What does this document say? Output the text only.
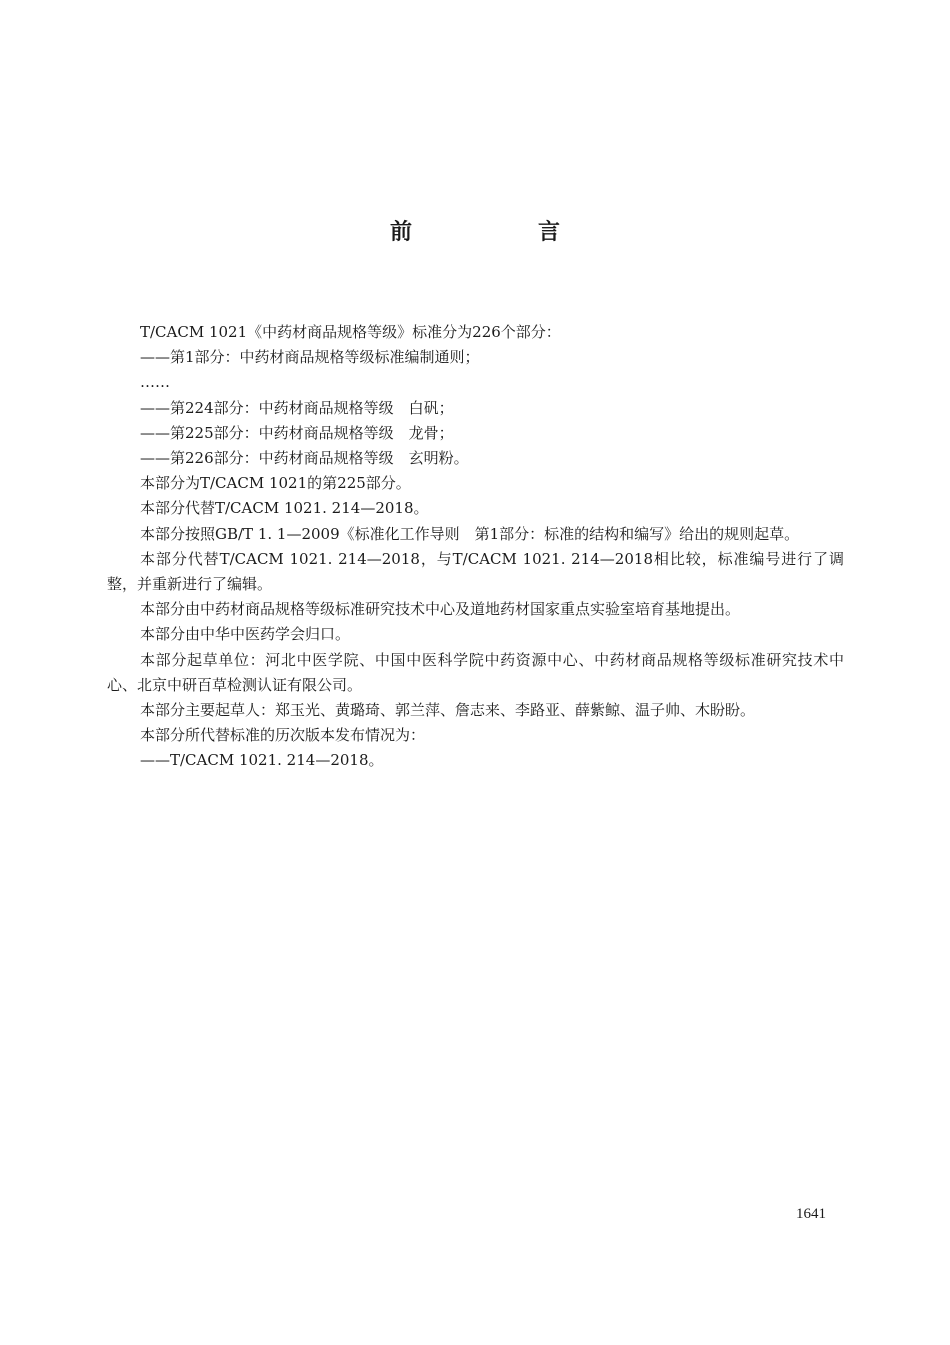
前　言

T/CACM 1021《中药材商品规格等级》标准分为226个部分：

——第1部分：中药材商品规格等级标准编制通则；

……

——第224部分：中药材商品规格等级　白矾；

——第225部分：中药材商品规格等级　龙骨；

——第226部分：中药材商品规格等级　玄明粉。

本部分为T/CACM 1021的第225部分。

本部分代替T/CACM 1021. 214—2018。

本部分按照GB/T 1. 1—2009《标准化工作导则　第1部分：标准的结构和编写》给出的规则起草。

本部分代替T/CACM 1021. 214—2018，与T/CACM 1021. 214—2018相比较，标准编号进行了调整，并重新进行了编辑。

本部分由中药材商品规格等级标准研究技术中心及道地药材国家重点实验室培育基地提出。

本部分由中华中医药学会归口。

本部分起草单位：河北中医学院、中国中医科学院中药资源中心、中药材商品规格等级标准研究技术中心、北京中研百草检测认证有限公司。

本部分主要起草人：郑玉光、黄璐琦、郭兰萍、詹志来、李路亚、薛紫鲸、温子帅、木盼盼。

本部分所代替标准的历次版本发布情况为：

——T/CACM 1021. 214—2018。

1641
